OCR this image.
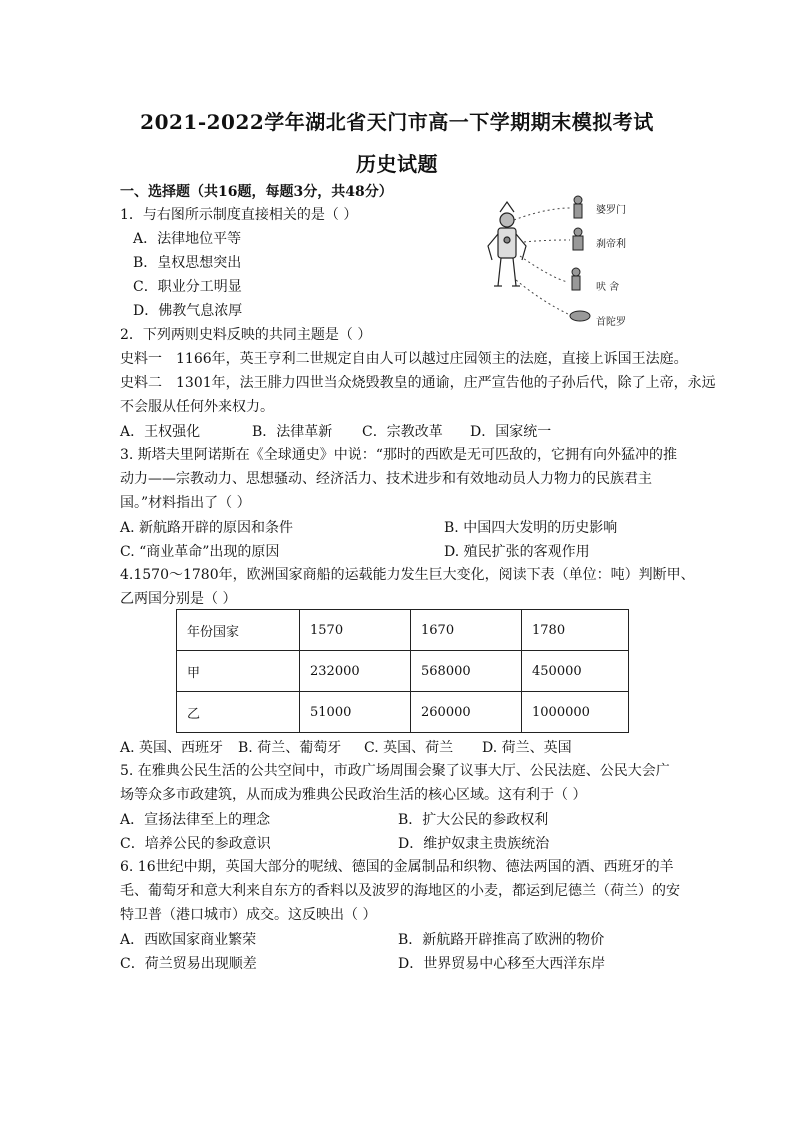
2021-2022学年湖北省天门市高一下学期期末模拟考试
历史试题
一、选择题（共16题，每题3分，共48分）
1．与右图所示制度直接相关的是（ ）
A．法律地位平等
B．皇权思想突出
C．职业分工明显
D．佛教气息浓厚
婆罗门
刹帝利
吠 舍
首陀罗
2．下列两则史料反映的共同主题是（ ）
史料一　1166年，英王亨利二世规定自由人可以越过庄园领主的法庭，直接上诉国王法庭。
史料二　1301年，法王腓力四世当众烧毁教皇的通谕，庄严宣告他的子孙后代，除了上帝，永远
不会服从任何外来权力。
A．王权强化	B．法律革新 C．宗教改革 D．国家统一
3. 斯塔夫里阿诺斯在《全球通史》中说：“那时的西欧是无可匹敌的，它拥有向外猛冲的推
动力——宗教动力、思想骚动、经济活力、技术进步和有效地动员人力物力的民族君主
国。”材料指出了（ ）
A. 新航路开辟的原因和条件	B. 中国四大发明的历史影响
C. “商业革命”出现的原因	D. 殖民扩张的客观作用
4.1570～1780年，欧洲国家商船的运载能力发生巨大变化，阅读下表（单位：吨）判断甲、
乙两国分别是（ ）
年份国家	1570	1670	1780
甲	232000	568000	450000
乙	51000	260000	1000000
A. 英国、西班牙 B. 荷兰、葡萄牙 C. 英国、荷兰 D. 荷兰、英国
5. 在雅典公民生活的公共空间中，市政广场周围会聚了议事大厅、公民法庭、公民大会广
场等众多市政建筑，从而成为雅典公民政治生活的核心区域。这有利于（ ）
A．宣扬法律至上的理念	B．扩大公民的参政权利
C．培养公民的参政意识	D．维护奴隶主贵族统治
6. 16世纪中期，英国大部分的呢绒、德国的金属制品和织物、德法两国的酒、西班牙的羊
毛、葡萄牙和意大利来自东方的香料以及波罗的海地区的小麦，都运到尼德兰（荷兰）的安
特卫普（港口城市）成交。这反映出（ ）
A．西欧国家商业繁荣	B．新航路开辟推高了欧洲的物价
C．荷兰贸易出现顺差	D．世界贸易中心移至大西洋东岸
